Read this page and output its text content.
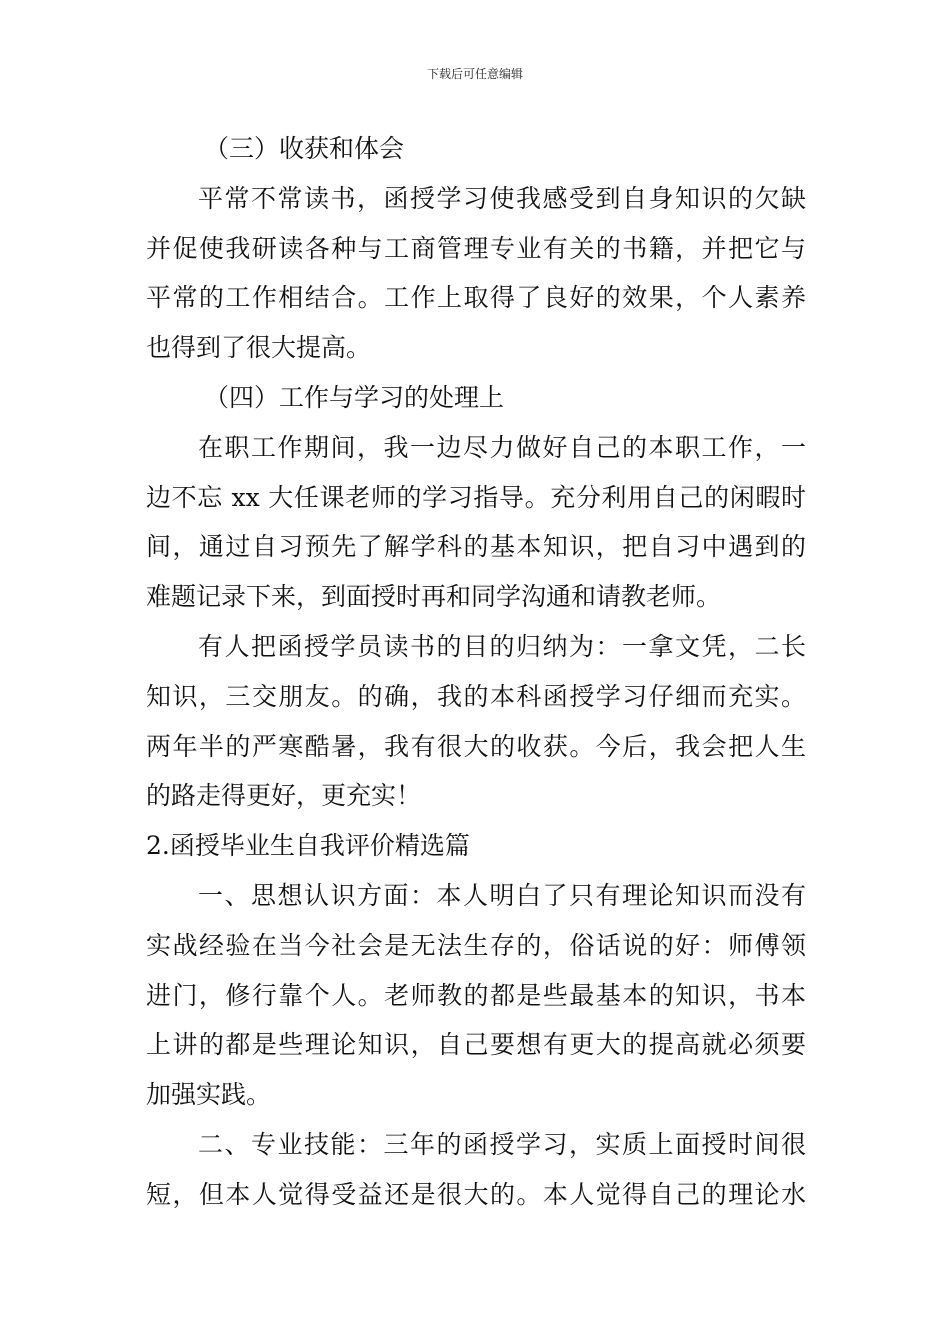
下载后可任意编辑
（三）收获和体会
平常不常读书，函授学习使我感受到自身知识的欠缺
并促使我研读各种与工商管理专业有关的书籍，并把它与
平常的工作相结合。工作上取得了良好的效果，个人素养
也得到了很大提高。
（四）工作与学习的处理上
在职工作期间，我一边尽力做好自己的本职工作，一
边不忘 xx 大任课老师的学习指导。充分利用自己的闲暇时
间，通过自习预先了解学科的基本知识，把自习中遇到的
难题记录下来，到面授时再和同学沟通和请教老师。
有人把函授学员读书的目的归纳为：一拿文凭，二长
知识，三交朋友。的确，我的本科函授学习仔细而充实。
两年半的严寒酷暑，我有很大的收获。今后，我会把人生
的路走得更好，更充实！
2.函授毕业生自我评价精选篇
一、思想认识方面：本人明白了只有理论知识而没有
实战经验在当今社会是无法生存的，俗话说的好：师傅领
进门，修行靠个人。老师教的都是些最基本的知识，书本
上讲的都是些理论知识，自己要想有更大的提高就必须要
加强实践。
二、专业技能：三年的函授学习，实质上面授时间很
短，但本人觉得受益还是很大的。本人觉得自己的理论水
